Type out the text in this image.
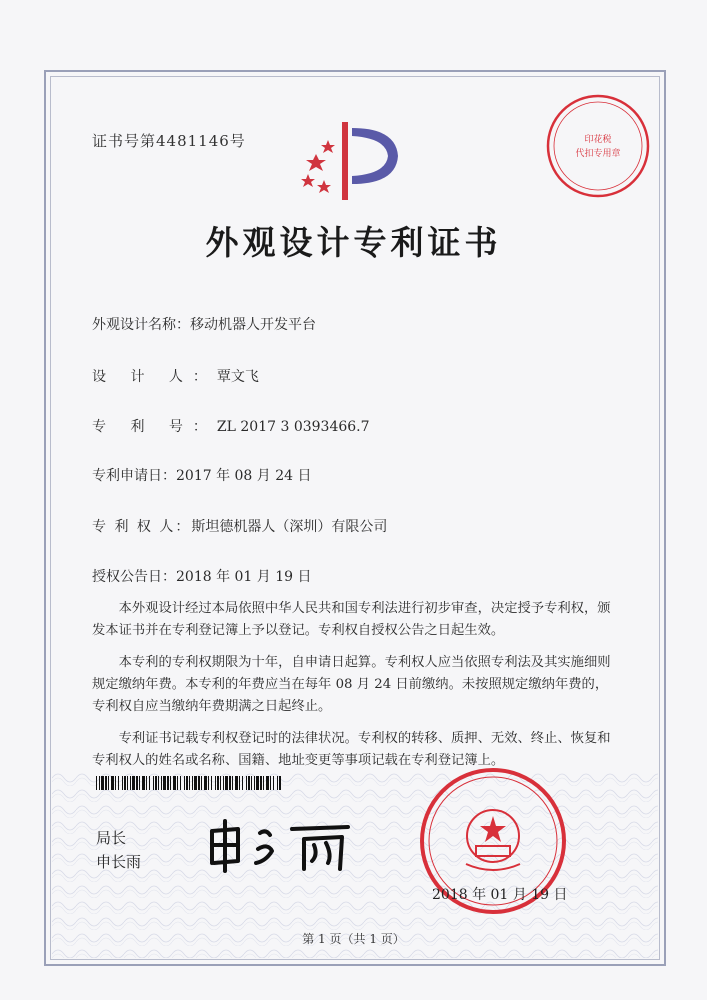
证书号第4481146号
外观设计专利证书
外观设计名称：移动机器人开发平台
设 计 人：覃文飞
专 利 号：ZL 2017 3 0393466.7
专利申请日：2017 年 08 月 24 日
专 利 权 人：斯坦德机器人（深圳）有限公司
授权公告日：2018 年 01 月 19 日

本外观设计经过本局依照中华人民共和国专利法进行初步审查，决定授予专利权，颁发本证书并在专利登记簿上予以登记。专利权自授权公告之日起生效。

本专利的专利权期限为十年，自申请日起算。专利权人应当依照专利法及其实施细则规定缴纳年费。本专利的年费应当在每年 08 月 24 日前缴纳。未按照规定缴纳年费的，专利权自应当缴纳年费期满之日起终止。

专利证书记载专利权登记时的法律状况。专利权的转移、质押、无效、终止、恢复和专利权人的姓名或名称、国籍、地址变更等事项记载在专利登记簿上。

局长
申长雨
印花税
代扣专用章
2018 年 01 月 19 日
第 1 页（共 1 页）
